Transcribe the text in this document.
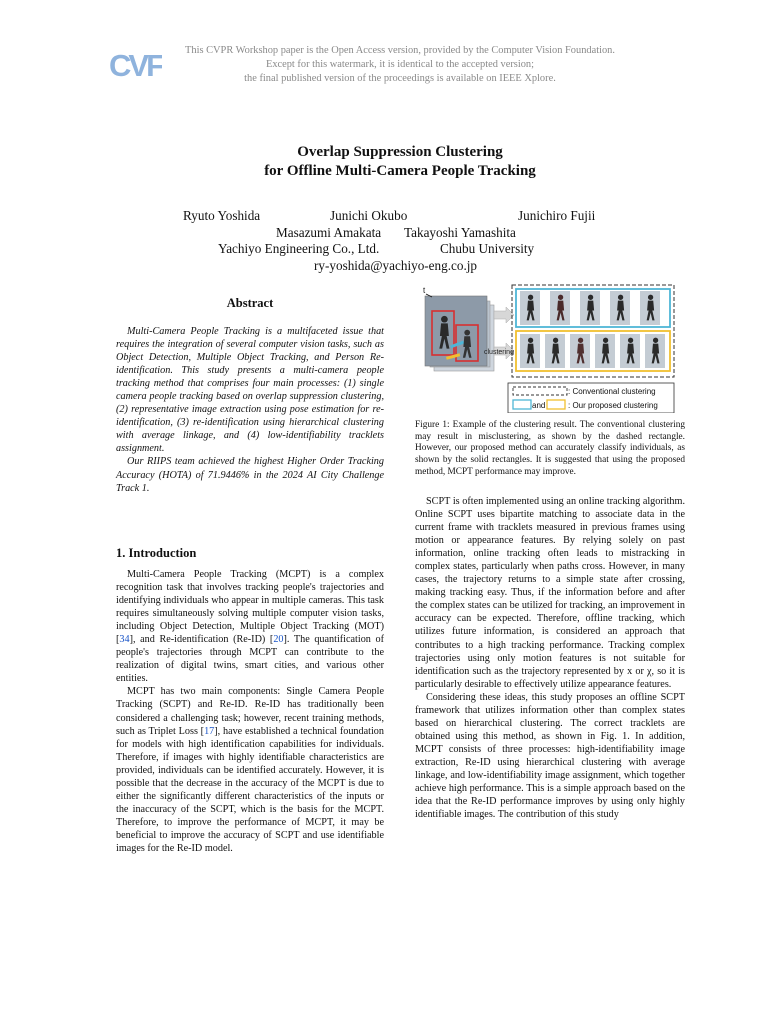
CVF	This CVPR Workshop paper is the Open Access version, provided by the Computer Vision Foundation.
Except for this watermark, it is identical to the accepted version;
the final published version of the proceedings is available on IEEE Xplore.
Overlap Suppression Clustering
for Offline Multi-Camera People Tracking
Ryuto Yoshida	Junichi Okubo	Junichiro Fujii
Masazumi Amakata Takayoshi Yamashita
Yachiyo Engineering Co., Ltd.	Chubu University
ry-yoshida@yachiyo-eng.co.jp
Abstract

Multi-Camera People Tracking is a multifaceted issue that requires the integration of several computer vision tasks, such as Object Detection, Multiple Object Tracking, and Person Re-identification. This study presents a multi-camera people tracking method that comprises four main processes: (1) single camera people tracking based on overlap suppression clustering, (2) representative image extraction using pose estimation for re-identification, (3) re-identification using hierarchical clustering with average linkage, and (4) low-identifiability tracklets assignment.

Our RIIPS team achieved the highest Higher Order Tracking Accuracy (HOTA) of 71.9446% in the 2024 AI City Challenge Track 1.

1. Introduction

Multi-Camera People Tracking (MCPT) is a complex recognition task that involves tracking people's trajectories and identifying individuals who appear in multiple cameras. This task requires simultaneously solving multiple computer vision tasks, including Object Detection, Multiple Object Tracking (MOT) [34], and Re-identification (Re-ID) [20]. The quantification of people's trajectories through MCPT can contribute to the realization of digital twins, smart cities, and various other entities.

MCPT has two main components: Single Camera People Tracking (SCPT) and Re-ID. Re-ID has traditionally been considered a challenging task; however, recent training methods, such as Triplet Loss [17], have established a technical foundation for models with high identification capabilities for individuals. Therefore, if images with highly identifiable characteristics are provided, individuals can be identified accurately. However, it is possible that the decrease in the accuracy of the MCPT is due to either the significantly different characteristics of the inputs or the inaccuracy of the SCPT, which is the basis for the MCPT. Therefore, to improve the performance of MCPT, it may be beneficial to improve the accuracy of SCPT and use identifiable images for the Re-ID model.

t
clustering
: Conventional clustering
and	: Our proposed clustering
Figure 1: Example of the clustering result. The conventional clustering may result in misclustering, as shown by the dashed rectangle. However, our proposed method can accurately classify individuals, as shown by the solid rectangles. It is suggested that using the proposed method, MCPT performance may improve.

SCPT is often implemented using an online tracking algorithm. Online SCPT uses bipartite matching to associate data in the current frame with tracklets measured in previous frames using motion or appearance features. By relying solely on past information, online tracking often leads to mistracking in complex states, particularly when paths cross. However, in many cases, the trajectory returns to a simple state after crossing, making tracking easy. Thus, if the information before and after the complex states can be utilized for tracking, an improvement in accuracy can be expected. Therefore, offline tracking, which utilizes future information, is considered an approach that contributes to a high tracking performance. Tracking complex trajectories using only motion features is not suitable for identification such as the trajectory represented by x or χ, so it is particularly desirable to effectively utilize appearance features.

Considering these ideas, this study proposes an offline SCPT framework that utilizes information other than complex states based on hierarchical clustering. The correct tracklets are obtained using this method, as shown in Fig. 1. In addition, MCPT consists of three processes: high-identifiability image extraction, Re-ID using hierarchical clustering with average linkage, and low-identifiability image assignment, which together achieve high performance. This is a simple approach based on the idea that the Re-ID performance improves by using only highly identifiable images. The contribution of this study
